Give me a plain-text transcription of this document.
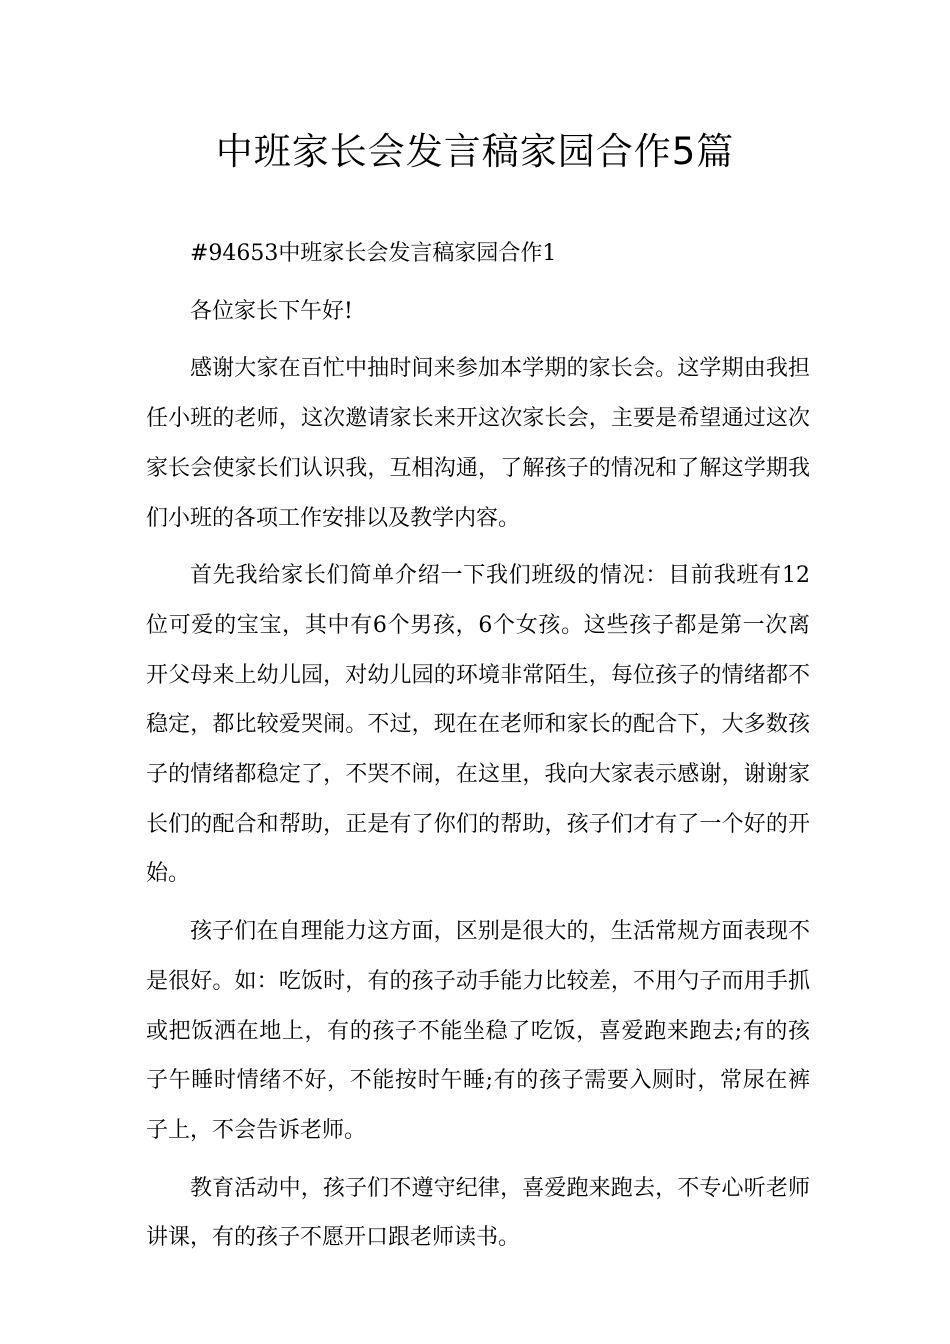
中班家长会发言稿家园合作5篇

#94653中班家长会发言稿家园合作1

各位家长下午好!

感谢大家在百忙中抽时间来参加本学期的家长会。这学期由我担任小班的老师，这次邀请家长来开这次家长会，主要是希望通过这次家长会使家长们认识我，互相沟通，了解孩子的情况和了解这学期我们小班的各项工作安排以及教学内容。

首先我给家长们简单介绍一下我们班级的情况：目前我班有12位可爱的宝宝，其中有6个男孩，6个女孩。这些孩子都是第一次离开父母来上幼儿园，对幼儿园的环境非常陌生，每位孩子的情绪都不稳定，都比较爱哭闹。不过，现在在老师和家长的配合下，大多数孩子的情绪都稳定了，不哭不闹，在这里，我向大家表示感谢，谢谢家长们的配合和帮助，正是有了你们的帮助，孩子们才有了一个好的开始。

孩子们在自理能力这方面，区别是很大的，生活常规方面表现不是很好。如：吃饭时，有的孩子动手能力比较差，不用勺子而用手抓或把饭洒在地上，有的孩子不能坐稳了吃饭，喜爱跑来跑去;有的孩子午睡时情绪不好，不能按时午睡;有的孩子需要入厕时，常尿在裤子上，不会告诉老师。

教育活动中，孩子们不遵守纪律，喜爱跑来跑去，不专心听老师讲课，有的孩子不愿开口跟老师读书。
